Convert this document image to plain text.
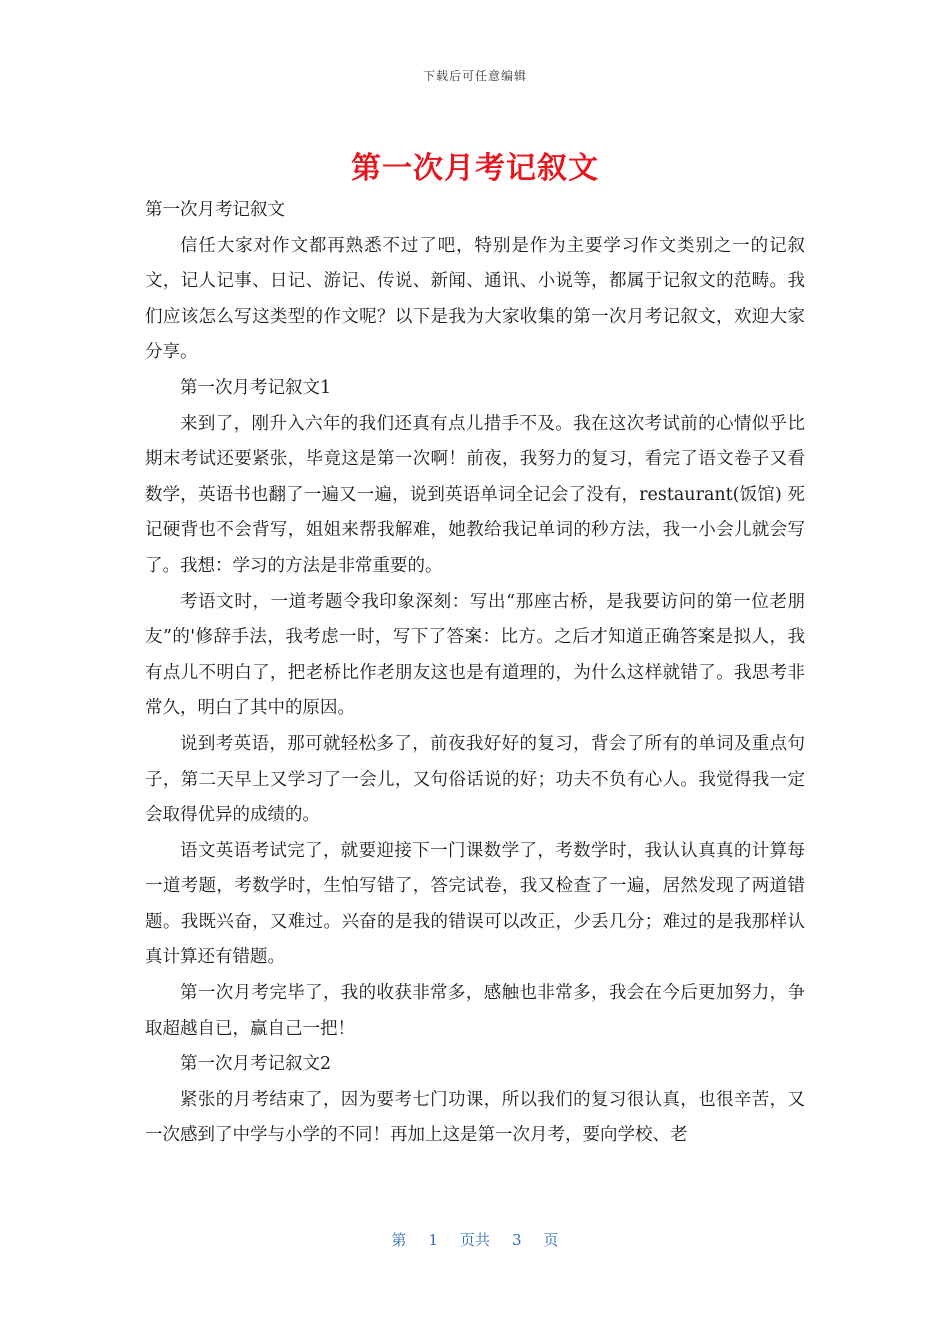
下载后可任意编辑
第一次月考记叙文

第一次月考记叙文

信任大家对作文都再熟悉不过了吧，特别是作为主要学习作文类别之一的记叙文，记人记事、日记、游记、传说、新闻、通讯、小说等，都属于记叙文的范畴。我们应该怎么写这类型的作文呢？以下是我为大家收集的第一次月考记叙文，欢迎大家分享。

第一次月考记叙文1

来到了，刚升入六年的我们还真有点儿措手不及。我在这次考试前的心情似乎比期末考试还要紧张，毕竟这是第一次啊！前夜，我努力的复习，看完了语文卷子又看数学，英语书也翻了一遍又一遍，说到英语单词全记会了没有，restaurant(饭馆) 死记硬背也不会背写，姐姐来帮我解难，她教给我记单词的秒方法，我一小会儿就会写了。我想：学习的方法是非常重要的。

考语文时，一道考题令我印象深刻：写出“那座古桥，是我要访问的第一位老朋友”的'修辞手法，我考虑一时，写下了答案：比方。之后才知道正确答案是拟人，我有点儿不明白了，把老桥比作老朋友这也是有道理的，为什么这样就错了。我思考非常久，明白了其中的原因。

说到考英语，那可就轻松多了，前夜我好好的复习，背会了所有的单词及重点句子，第二天早上又学习了一会儿，又句俗话说的好；功夫不负有心人。我觉得我一定会取得优异的成绩的。

语文英语考试完了，就要迎接下一门课数学了，考数学时，我认认真真的计算每一道考题，考数学时，生怕写错了，答完试卷，我又检查了一遍，居然发现了两道错题。我既兴奋，又难过。兴奋的是我的错误可以改正，少丢几分；难过的是我那样认真计算还有错题。

第一次月考完毕了，我的收获非常多，感触也非常多，我会在今后更加努力，争取超越自已，赢自己一把！

第一次月考记叙文2

紧张的月考结束了，因为要考七门功课，所以我们的复习很认真，也很辛苦，又一次感到了中学与小学的不同！再加上这是第一次月考，要向学校、老

第 1 页共 3 页
